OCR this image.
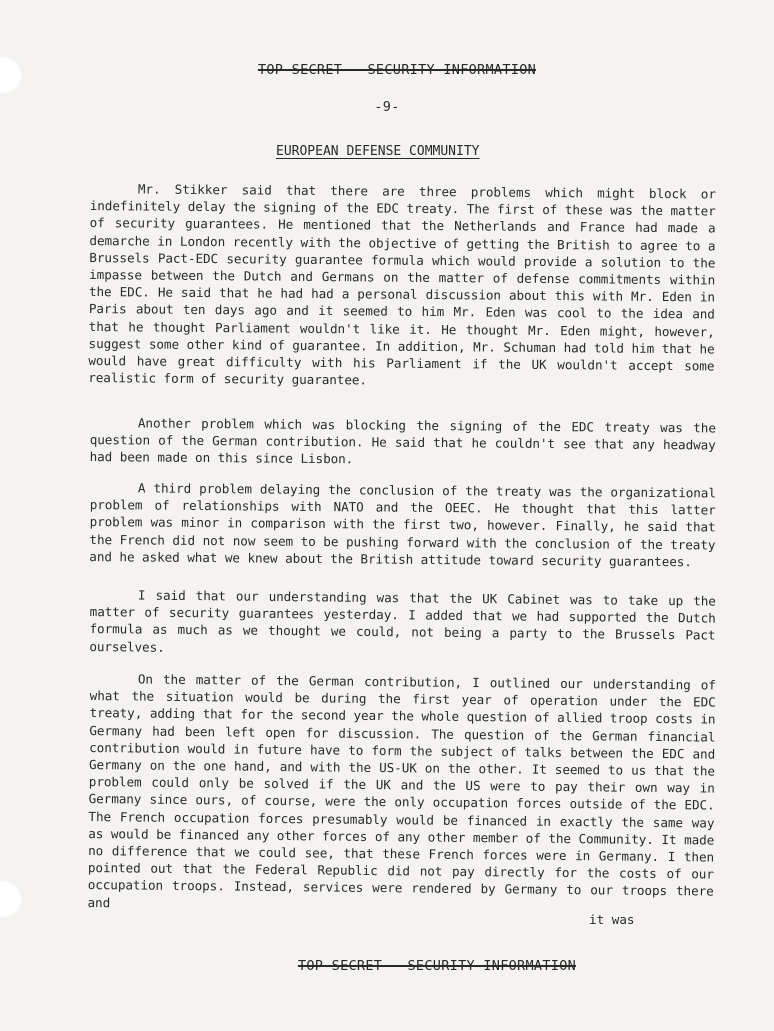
TOP SECRET - SECURITY INFORMATION
-9-
EUROPEAN DEFENSE COMMUNITY

Mr. Stikker said that there are three problems which might block or indefinitely delay the signing of the EDC treaty. The first of these was the matter of security guarantees. He mentioned that the Netherlands and France had made a demarche in London recently with the objective of getting the British to agree to a Brussels Pact-EDC security guarantee formula which would provide a solution to the impasse between the Dutch and Germans on the matter of defense commitments within the EDC. He said that he had had a personal discussion about this with Mr. Eden in Paris about ten days ago and it seemed to him Mr. Eden was cool to the idea and that he thought Parliament wouldn't like it. He thought Mr. Eden might, however, suggest some other kind of guarantee. In addition, Mr. Schuman had told him that he would have great difficulty with his Parliament if the UK wouldn't accept some realistic form of security guarantee.

Another problem which was blocking the signing of the EDC treaty was the question of the German contribution. He said that he couldn't see that any headway had been made on this since Lisbon.

A third problem delaying the conclusion of the treaty was the organizational problem of relationships with NATO and the OEEC. He thought that this latter problem was minor in comparison with the first two, however. Finally, he said that the French did not now seem to be pushing forward with the conclusion of the treaty and he asked what we knew about the British attitude toward security guarantees.

I said that our understanding was that the UK Cabinet was to take up the matter of security guarantees yesterday. I added that we had supported the Dutch formula as much as we thought we could, not being a party to the Brussels Pact ourselves.

On the matter of the German contribution, I outlined our understanding of what the situation would be during the first year of operation under the EDC treaty, adding that for the second year the whole question of allied troop costs in Germany had been left open for discussion. The question of the German financial contribution would in future have to form the subject of talks between the EDC and Germany on the one hand, and with the US-UK on the other. It seemed to us that the problem could only be solved if the UK and the US were to pay their own way in Germany since ours, of course, were the only occupation forces outside of the EDC. The French occupation forces presumably would be financed in exactly the same way as would be financed any other forces of any other member of the Community. It made no difference that we could see, that these French forces were in Germany. I then pointed out that the Federal Republic did not pay directly for the costs of our occupation troops. Instead, services were rendered by Germany to our troops there and

it was
TOP SECRET - SECURITY INFORMATION
